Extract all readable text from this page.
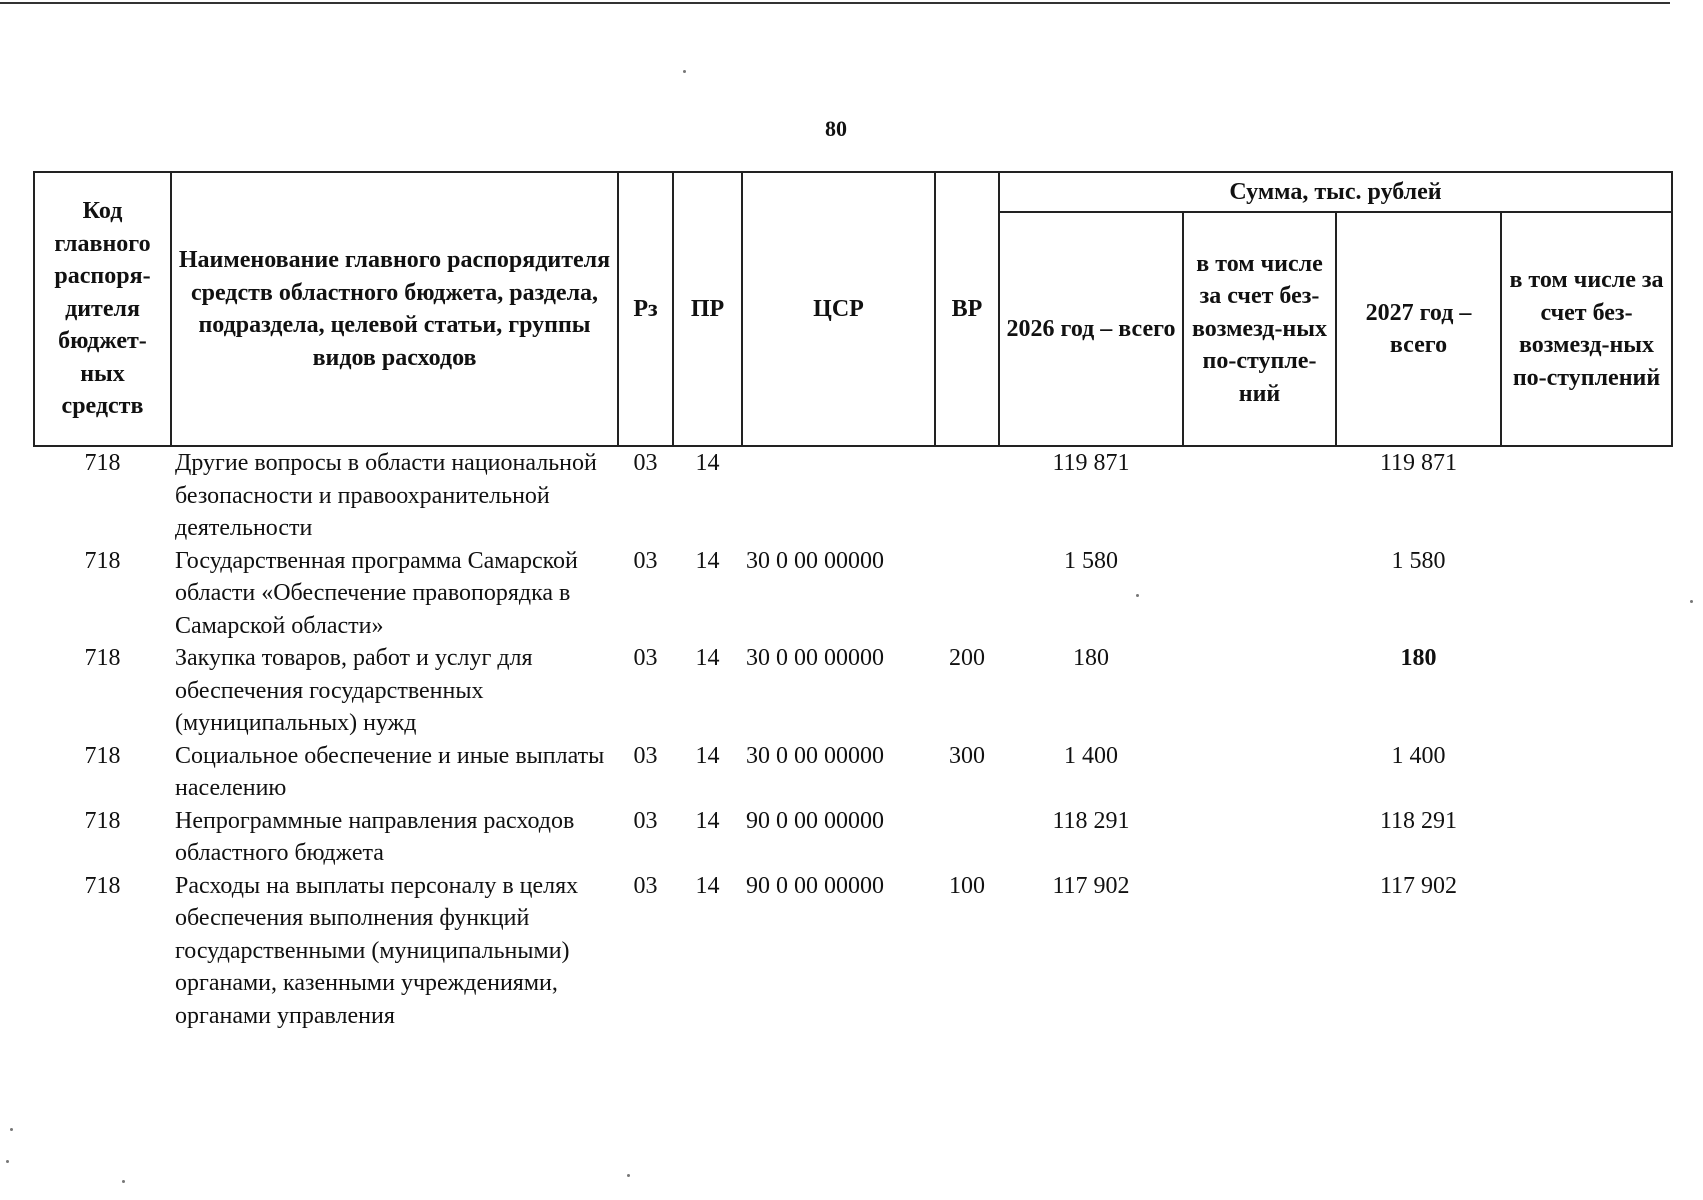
80
Код главного распоря-дителя бюджет-ных средств	Наименование главного распорядителя средств областного бюджета, раздела, подраздела, целевой статьи, группы видов расходов	Рз	ПР	ЦСР	ВР	Сумма, тыс. рублей			
						2026 год – всего	в том числе за счет без-возмезд-ных по-ступле-ний	2027 год – всего	в том числе за счет без-возмезд-ных по-ступлений
718	Другие вопросы в области национальной безопасности и правоохранительной деятельности	03	14			119 871		119 871	
718	Государственная программа Самарской области «Обеспечение правопорядка в Самарской области»	03	14	30 0 00 00000		1 580		1 580	
718	Закупка товаров, работ и услуг для обеспечения государственных (муниципальных) нужд	03	14	30 0 00 00000	200	180		180	
718	Социальное обеспечение и иные выплаты населению	03	14	30 0 00 00000	300	1 400		1 400	
718	Непрограммные направления расходов областного бюджета	03	14	90 0 00 00000		118 291		118 291	
718	Расходы на выплаты персоналу в целях обеспечения выполнения функций государственными (муниципальными) органами, казенными учреждениями, органами управления	03	14	90 0 00 00000	100	117 902		117 902	
